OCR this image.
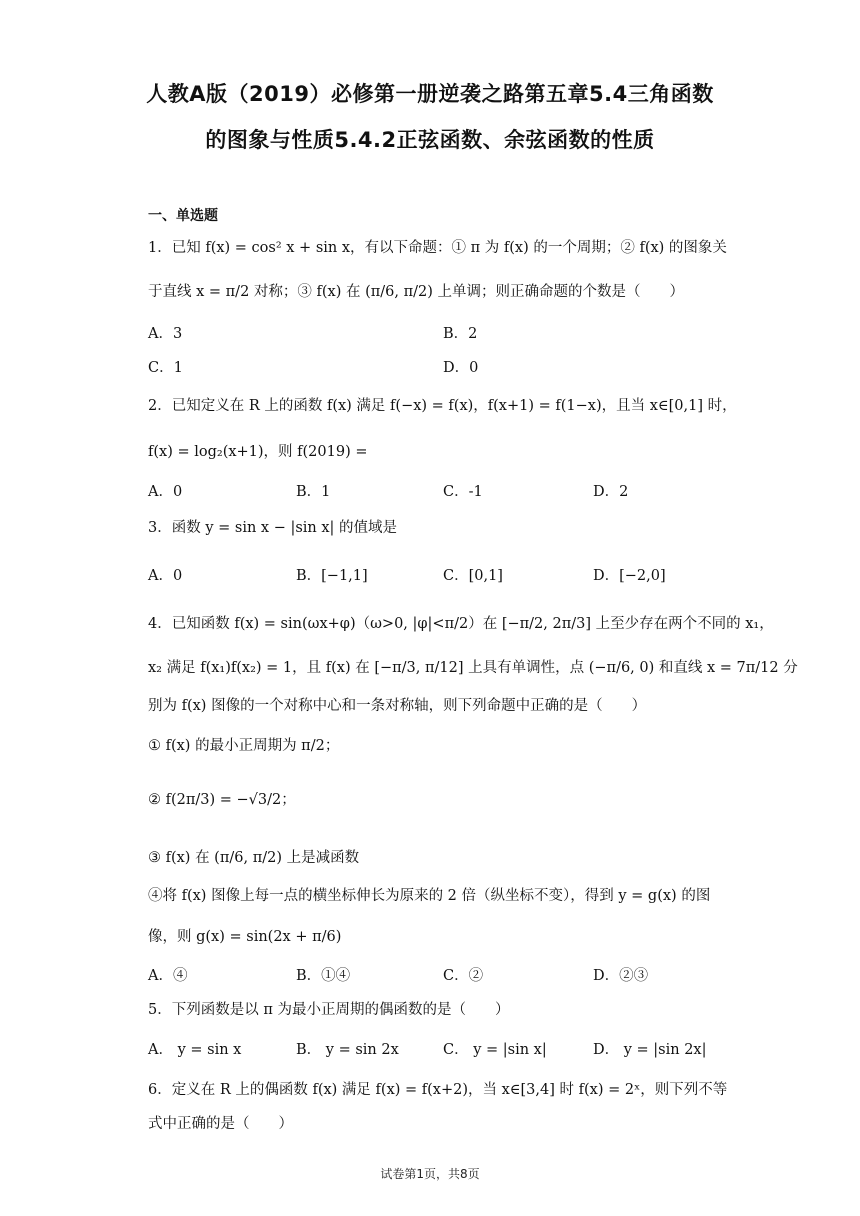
人教A版（2019）必修第一册逆袭之路第五章5.4三角函数
的图象与性质5.4.2正弦函数、余弦函数的性质
一、单选题
1．已知 f(x) = cos² x + sin x，有以下命题：① π 为 f(x) 的一个周期；② f(x) 的图象关
于直线 x = π/2 对称；③ f(x) 在 (π/6, π/2) 上单调；则正确命题的个数是（　　）
A．3	B．2
C．1	D．0
2．已知定义在 R 上的函数 f(x) 满足 f(−x) = f(x)，f(x+1) = f(1−x)，且当 x∈[0,1] 时，
f(x) = log₂(x+1)，则 f(2019) =
A．0	B．1	C．-1	D．2
3．函数 y = sin x − |sin x| 的值域是
A．0	B．[−1,1]	C．[0,1]	D．[−2,0]
4．已知函数 f(x) = sin(ωx+φ)（ω>0, |φ|<π/2）在 [−π/2, 2π/3] 上至少存在两个不同的 x₁，
x₂ 满足 f(x₁)f(x₂) = 1，且 f(x) 在 [−π/3, π/12] 上具有单调性，点 (−π/6, 0) 和直线 x = 7π/12 分
别为 f(x) 图像的一个对称中心和一条对称轴，则下列命题中正确的是（　　）
① f(x) 的最小正周期为 π/2；
② f(2π/3) = −√3/2；
③ f(x) 在 (π/6, π/2) 上是减函数
④将 f(x) 图像上每一点的横坐标伸长为原来的 2 倍（纵坐标不变），得到 y = g(x) 的图
像，则 g(x) = sin(2x + π/6)
A．④	B．①④	C．②	D．②③
5．下列函数是以 π 为最小正周期的偶函数的是（　　）
A． y = sin x	B． y = sin 2x	C． y = |sin x|	D． y = |sin 2x|
6．定义在 R 上的偶函数 f(x) 满足 f(x) = f(x+2)，当 x∈[3,4] 时 f(x) = 2ˣ，则下列不等
式中正确的是（　　）
试卷第1页，共8页
